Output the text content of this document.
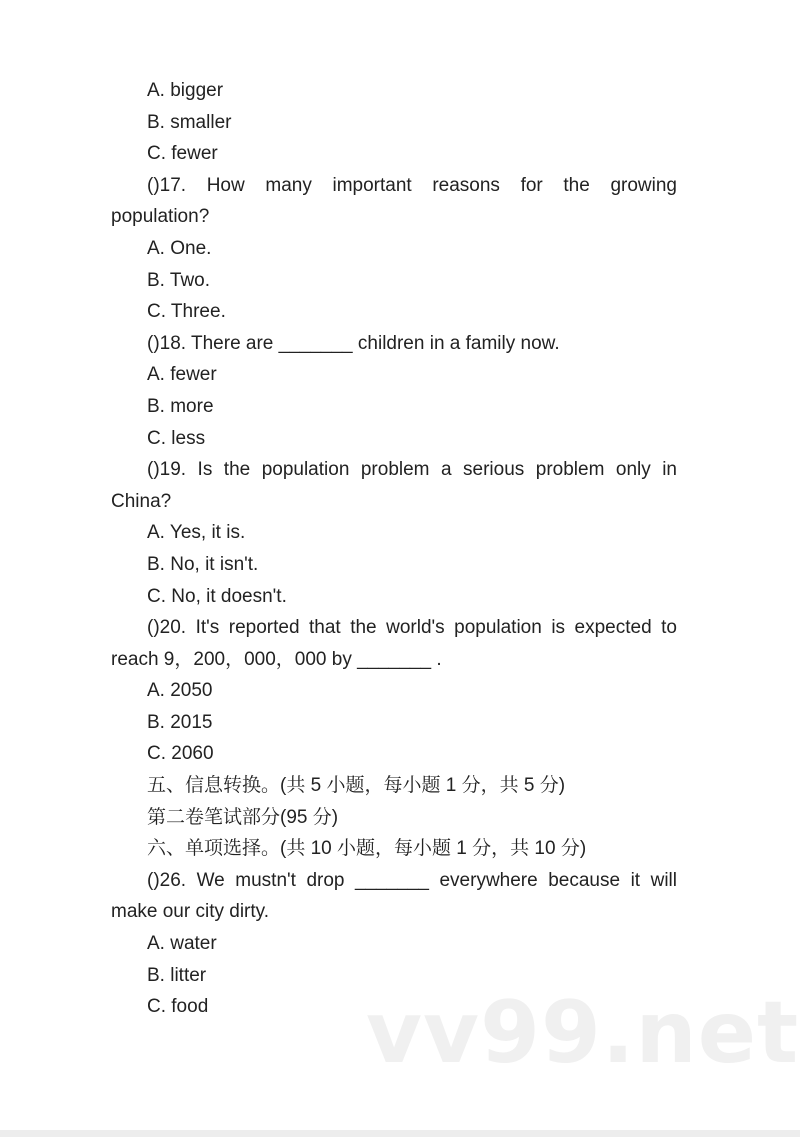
A. bigger

B. smaller

C. fewer

()17. How many important reasons for the growing
population?

A. One.

B. Two.

C. Three.

()18. There are _______ children in a family now.

A. fewer

B. more

C. less

()19. Is the population problem a serious problem only in
China?

A. Yes, it is.

B. No, it isn't.

C. No, it doesn't.

()20. It's reported that the world's population is expected to
reach 9，200，000，000 by _______ .

A. 2050

B. 2015

C. 2060

五、信息转换。(共 5 小题，每小题 1 分，共 5 分)

第二卷笔试部分(95 分)

六、单项选择。(共 10 小题，每小题 1 分，共 10 分)

()26. We mustn't drop _______ everywhere because it will
make our city dirty.

A. water

B. litter

C. food	vv99.net
